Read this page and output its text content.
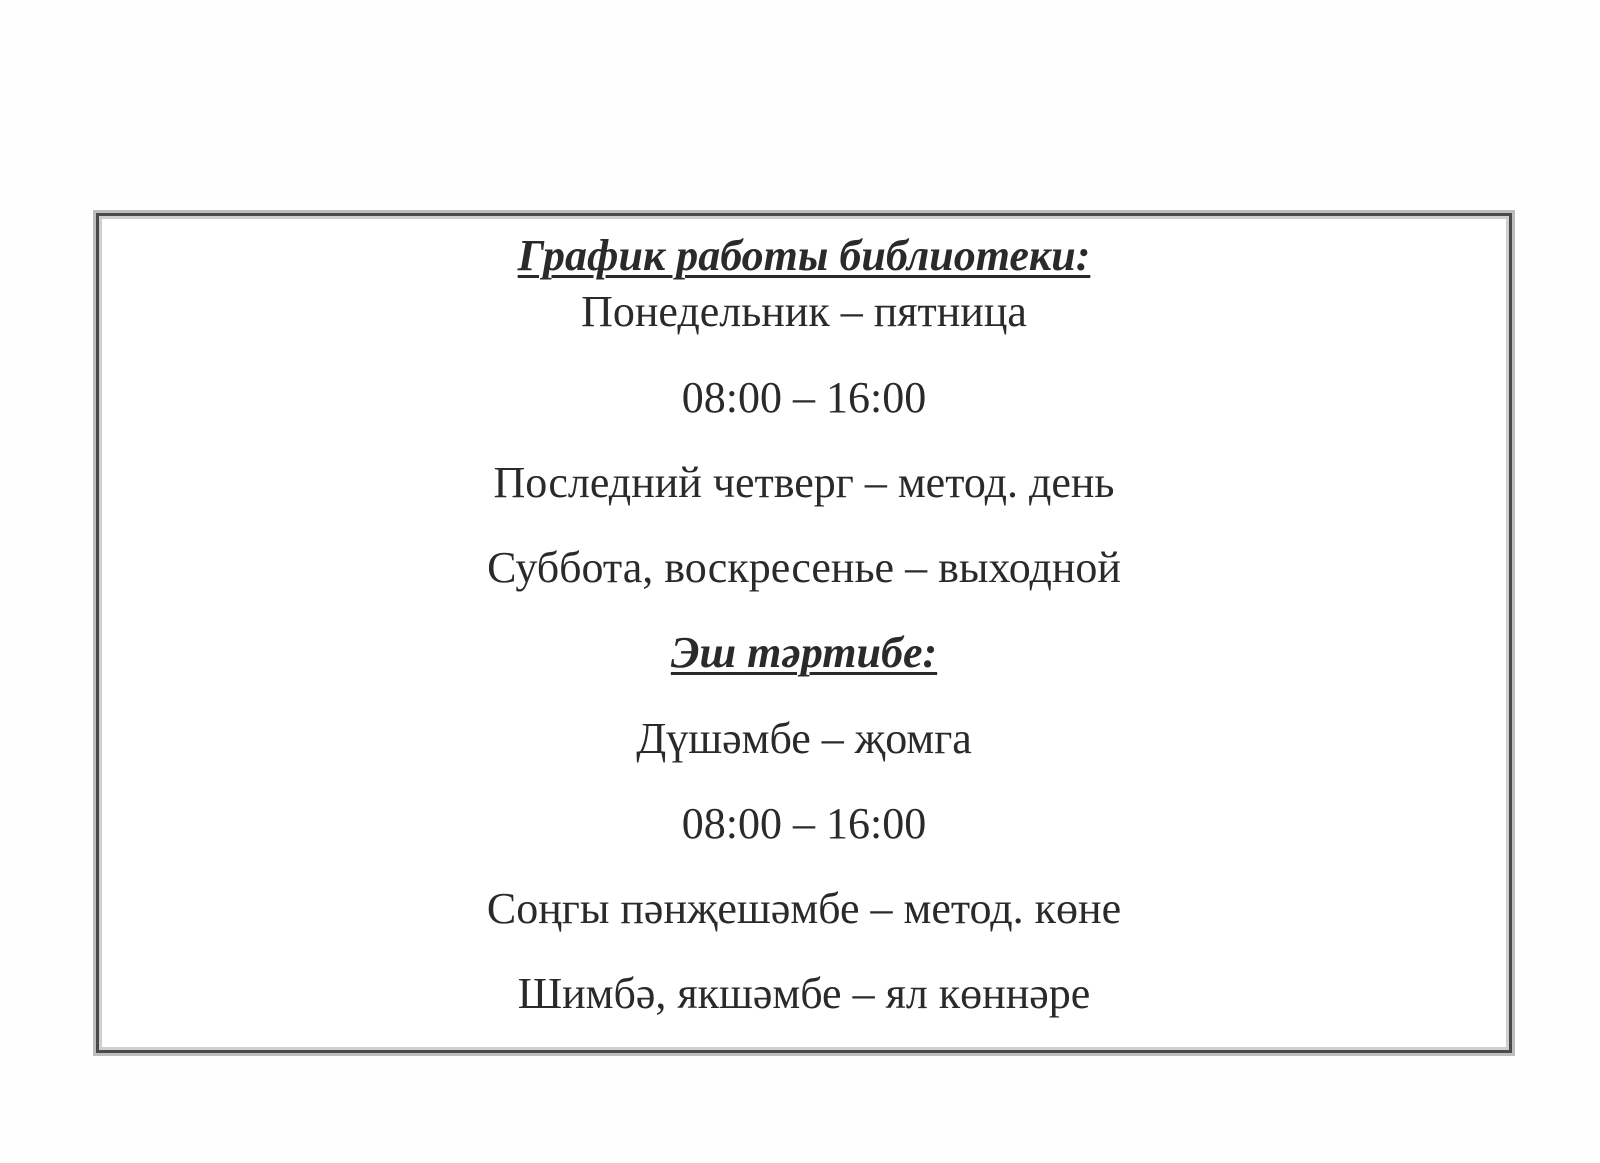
График работы библиотеки:
Понедельник – пятница
08:00 – 16:00
Последний четверг – метод. день
Суббота, воскресенье – выходной
Эш тәртибе:
Дүшәмбе – җомга
08:00 – 16:00
Соңгы пәнҗешәмбе – метод. көне
Шимбә, якшәмбе – ял көннәре
